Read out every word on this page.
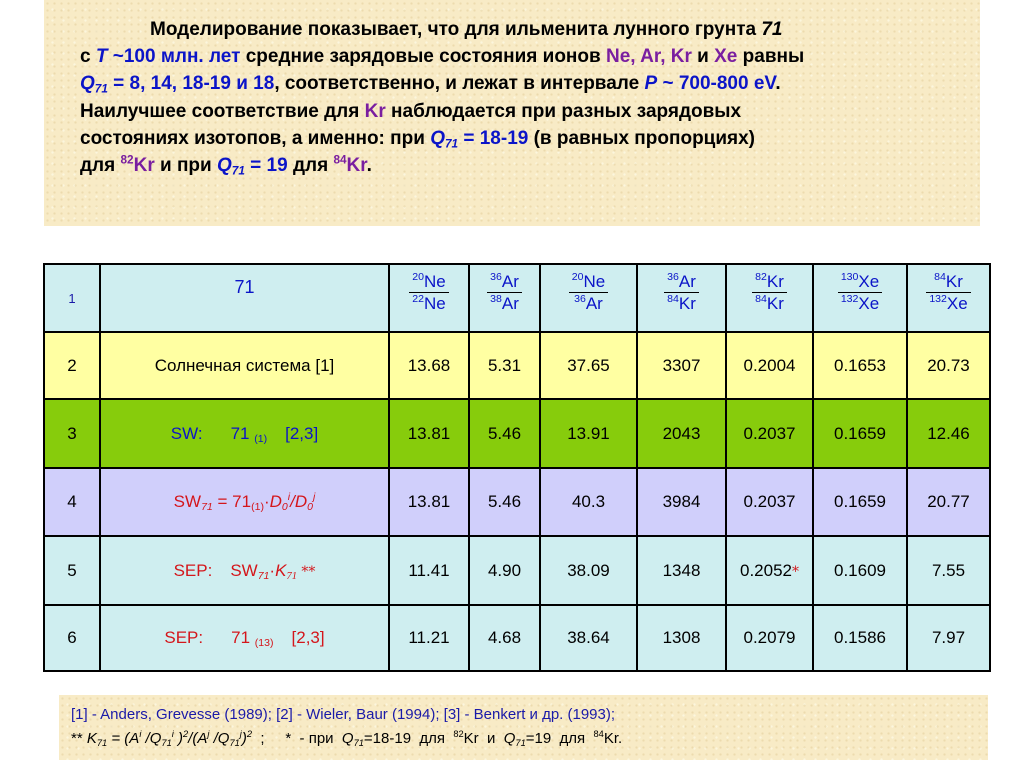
Моделирование показывает, что для ильменита лунного грунта 71
с T ~100 млн. лет средние зарядовые состояния ионов Ne, Ar, Kr и Xe равны
$Q_{71} = 8$, 14, 18-19 и 18, соответственно, и лежат в интервале P ~ 700-800 eV.
Наилучшее соответствие для Kr наблюдается при разных зарядовых
состояниях изотопов, а именно: при $Q_{71} = 18-19$ (в равных пропорциях)
для $^{82}$Kr и при $Q_{71} = 19$ для $^{84}$Kr.
1	71	$\frac{^{20}Ne}{^{22}Ne}$	$\frac{^{36}Ar}{^{38}Ar}$	$\frac{^{20}Ne}{^{36}Ar}$	$\frac{^{36}Ar}{^{84}Kr}$	$\frac{^{82}Kr}{^{84}Kr}$	$\frac{^{130}Xe}{^{132}Xe}$	$\frac{^{84}Kr}{^{132}Xe}$

2	Солнечная система [1]	13.68	5.31	37.65	3307	0.2004	0.1653	20.73
3	SW: 71 $_{(1)}$ [2,3]	13.81	5.46	13.91	2043	0.2037	0.1659	12.46
4	$SW_{71} = 71_{(1)}\cdot D_0^i/D_0^j$	13.81	5.46	40.3	3984	0.2037	0.1659	20.77
5	SEP: $SW_{71}\cdot K_{71}$ **	11.41	4.90	38.09	1348	0.2052*	0.1609	7.55
6	SEP: 71 $_{(13)}$ [2,3]	11.21	4.68	38.64	1308	0.2079	0.1586	7.97
[1] - Anders, Grevesse (1989); [2] - Wieler, Baur (1994); [3] - Benkert и др. (1993);
** $K_{71} = (A^i$ $/Q_{71}^i$ )$^2/(A^j$ $/Q_{71}^j)^2$  ;     *  - при  $Q_{71}=18-19$  для  $^{82}$Kr  и  $Q_{71}=19$  для  $^{84}$Kr.
